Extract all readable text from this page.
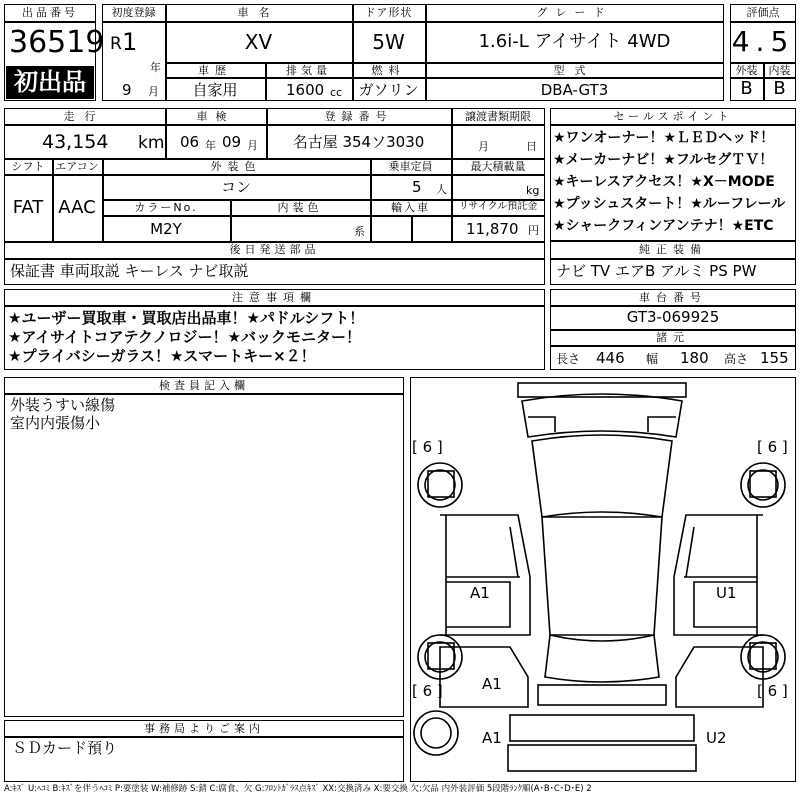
出品番号
36519
初出品
初度登録
R 1
年
9 月
車名
XV
ドア形状
5W
グレード
1.6i-L アイサイト 4WD
車歴
自家用
排気量
1600 cc
燃料
ガソリン
型式
DBA-GT3
評価点
4.5
外装	内装
B	B
走行
43,154 km
車検
06 年 09 月
登録番号
名古屋 354ソ3030
譲渡書類期限
月	日
シフト
FAT
エアコン
AAC
外装色
コン
乗車定員
5 人
最大積載量
kg
カラーNo.
M2Y
内装色
系
輸入車	リサイクル預託金
11,870 円
後日発送部品
保証書 車両取説 キーレス ナビ取説
セールスポイント
★ワンオーナー！★ＬＥＤヘッド！
★メーカーナビ！★フルセグＴＶ！
★キーレスアクセス！★X－MODE
★プッシュスタート！★ルーフレール
★シャークフィンアンテナ！★ETC
純正装備
ナビ TV エアB アルミ PS PW
注意事項欄
★ユーザー買取車・買取店出品車！★パドルシフト！
★アイサイトコアテクノロジー！★バックモニター！
★プライバシーガラス！★スマートキー×２！
車台番号
GT3-069925
諸元
長さ 446 幅 180 高さ 155
検査員記入欄
外装うすい線傷
室内内張傷小
事務局よりご案内
ＳＤカード預り
[ 6 ]	[ 6 ]
[ 6 ]	[ 6 ]
A1	U1
A1
A1	U2
A:ｷｽﾞ U:ﾍｺﾐ B:ｷｽﾞを伴うﾍｺﾐ P:要塗装 W:補修跡 S:錆 C:腐食、欠 G:ﾌﾛﾝﾄｶﾞﾗｽ点ｷｽﾞ XX:交換済み X:要交換 欠:欠品 内外装評価 5段階ﾗﾝｸ順(A･B･C･D･E) 2
